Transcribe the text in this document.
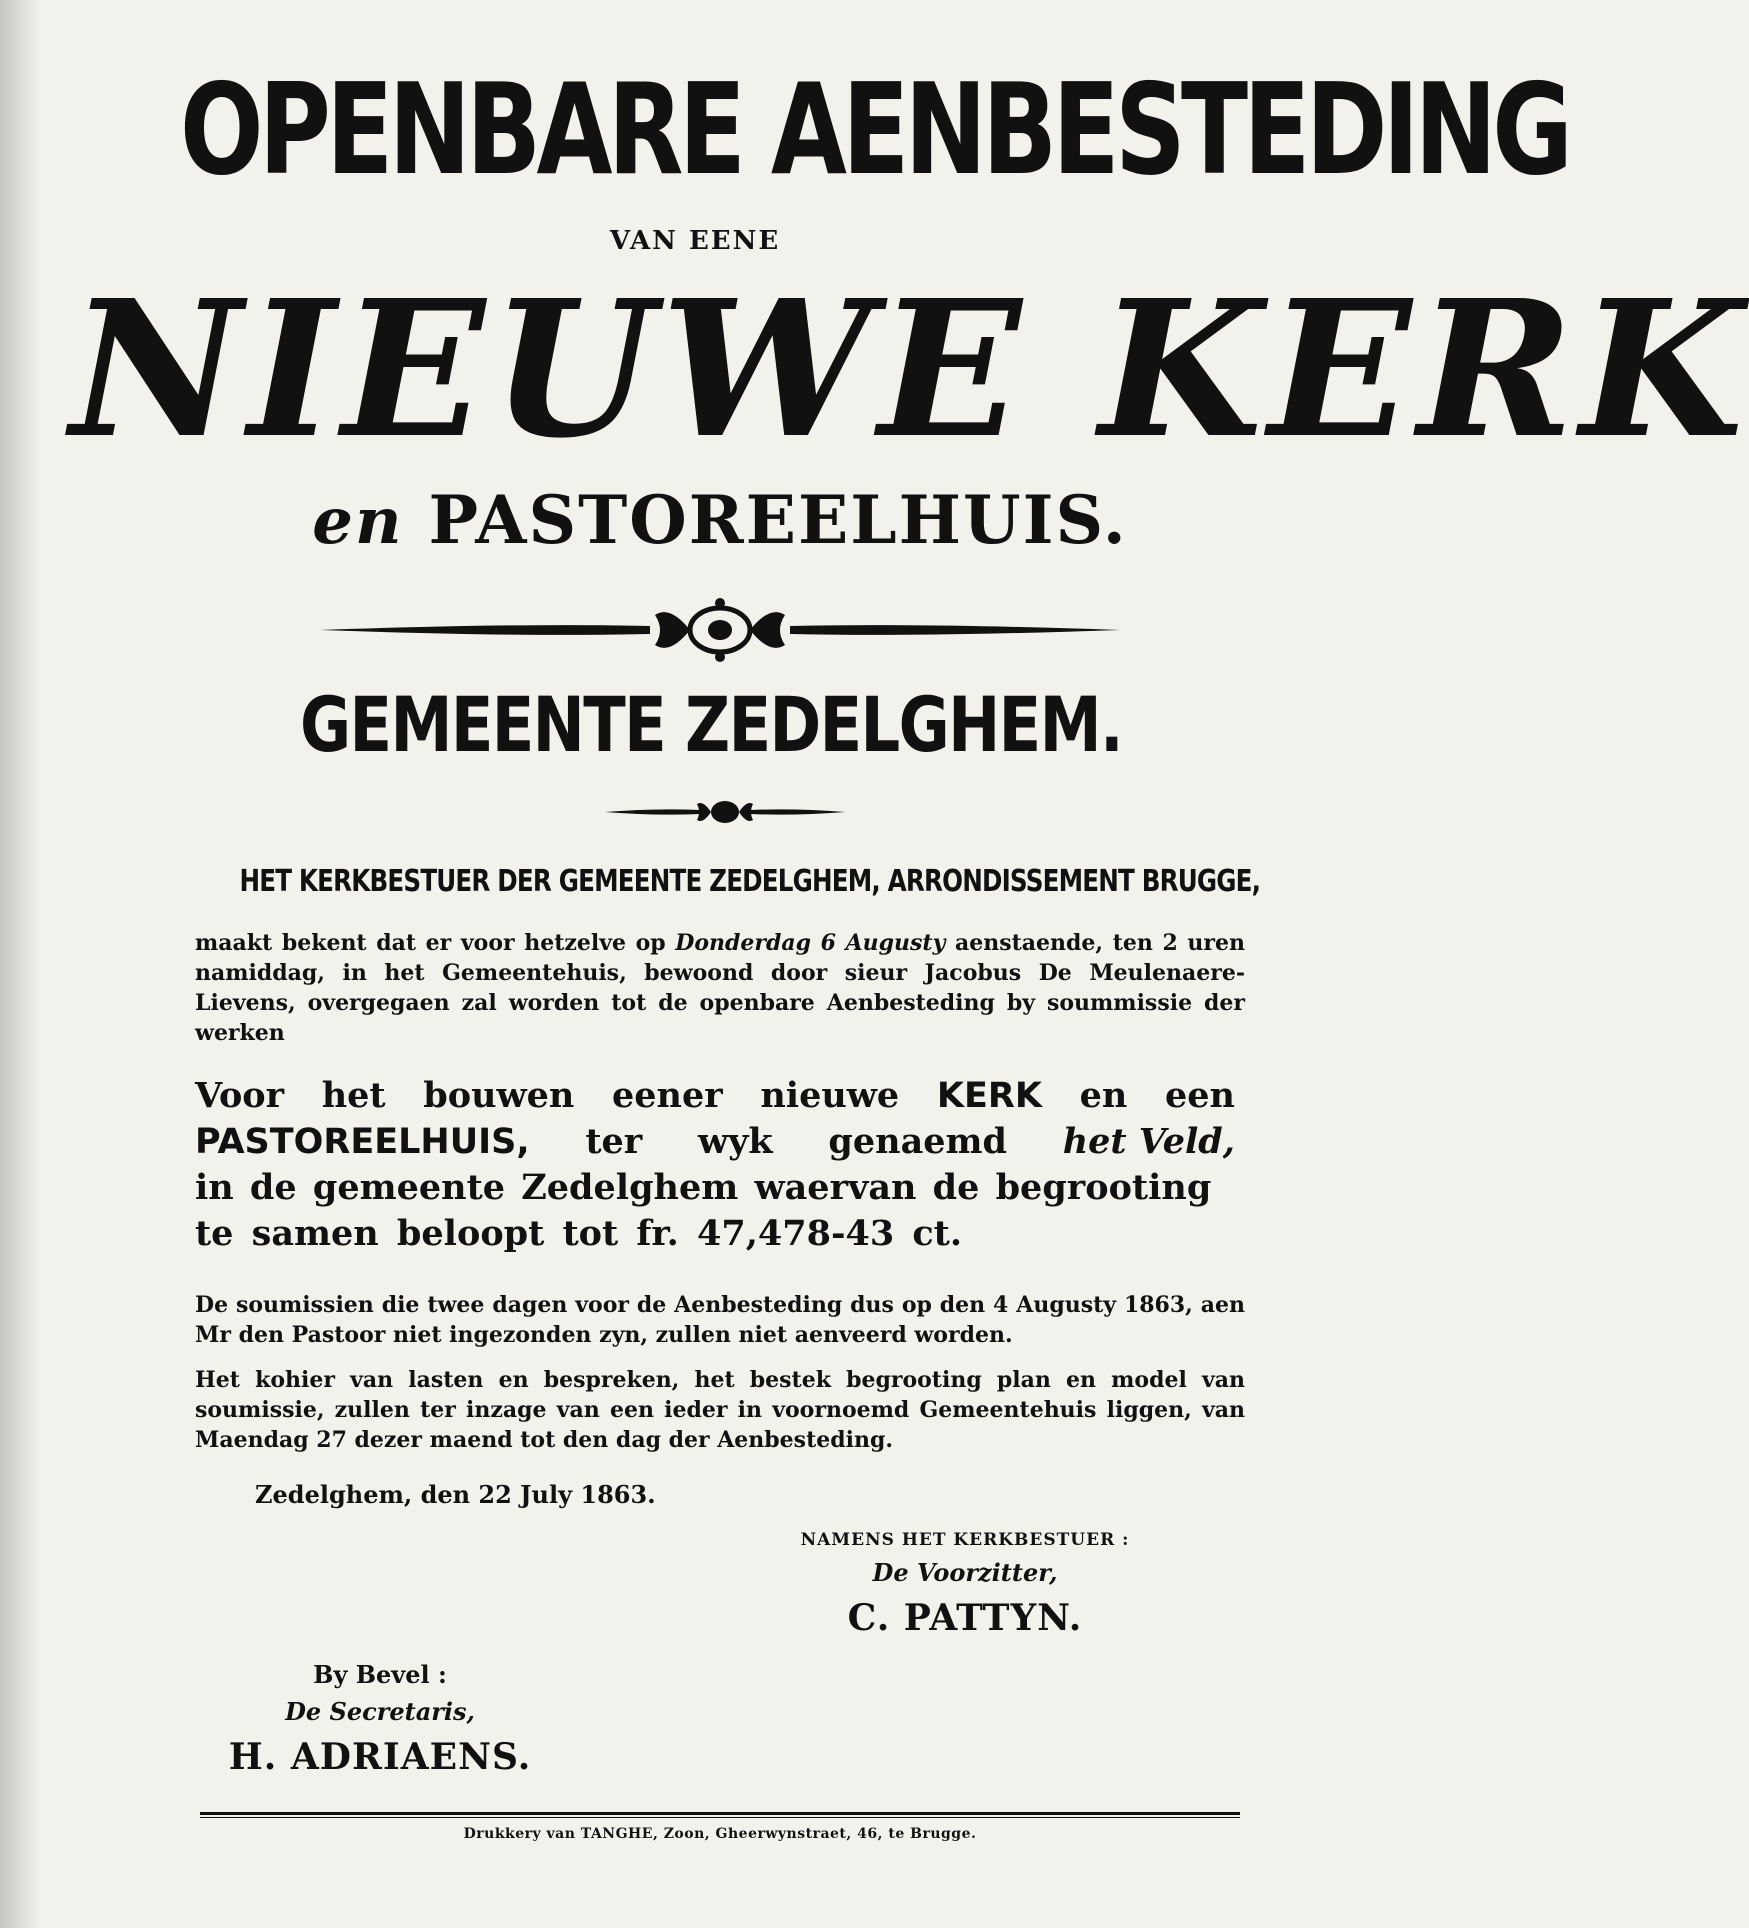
OPENBARE AENBESTEDING
VAN EENE
NIEUWE KERK
en PASTOREELHUIS.
GEMEENTE ZEDELGHEM.
HET KERKBESTUER DER GEMEENTE ZEDELGHEM, ARRONDISSEMENT BRUGGE,
maakt bekent dat er voor hetzelve op Donderdag 6 Augusty aenstaende, ten 2 uren namiddag, in het Gemeentehuis, bewoond door sieur Jacobus De Meulenaere-Lievens, overgegaen zal worden tot de openbare Aenbesteding by soummissie der werken
Voor het bouwen eener nieuwe KERK en een
PASTOREELHUIS, ter wyk genaemd het Veld,
in de gemeente Zedelghem waervan de begrooting
te samen beloopt tot fr. 47,478-43 ct.
De soumissien die twee dagen voor de Aenbesteding dus op den 4 Augusty 1863, aen Mr den Pastoor niet ingezonden zyn, zullen niet aenveerd worden.
Het kohier van lasten en bespreken, het bestek begrooting plan en model van soumissie, zullen ter inzage van een ieder in voornoemd Gemeentehuis liggen, van Maendag 27 dezer maend tot den dag der Aenbesteding.
Zedelghem, den 22 July 1863.
NAMENS HET KERKBESTUER :
De Voorzitter,
C. PATTYN.
By Bevel :
De Secretaris,
H. ADRIAENS.
Drukkery van TANGHE, Zoon, Gheerwynstraet, 46, te Brugge.
